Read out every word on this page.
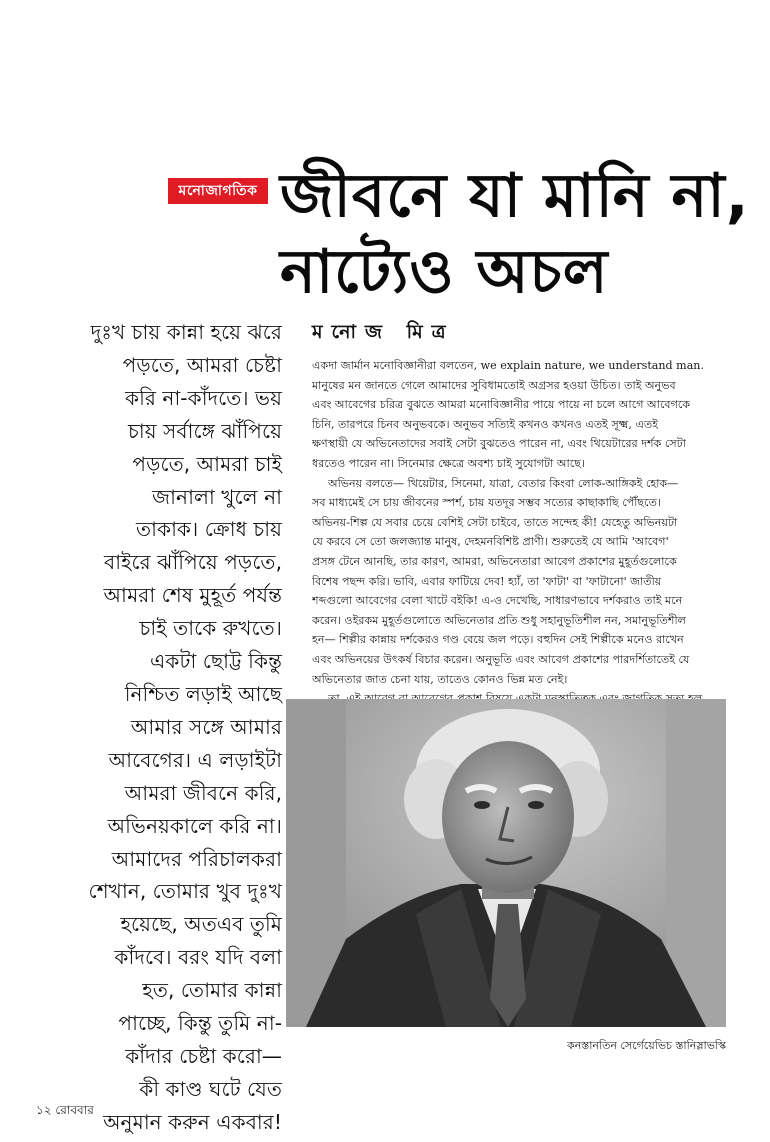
মনোজাগতিক জীবনে যা মানি না,
নাট্যেও অচল
দুঃখ চায় কান্না হয়ে ঝরে
পড়তে, আমরা চেষ্টা
করি না-কাঁদতে। ভয়
চায় সর্বাঙ্গে ঝাঁপিয়ে
পড়তে, আমরা চাই
জানালা খুলে না
তাকাক। ক্রোধ চায়
বাইরে ঝাঁপিয়ে পড়তে,
আমরা শেষ মুহূর্ত পর্যন্ত
চাই তাকে রুখতে।
একটা ছোট্ট কিন্তু
নিশ্চিত লড়াই আছে
আমার সঙ্গে আমার
আবেগের। এ লড়াইটা
আমরা জীবনে করি,
অভিনয়কালে করি না।
আমাদের পরিচালকরা
শেখান, তোমার খুব দুঃখ
হয়েছে, অতএব তুমি
কাঁদবে। বরং যদি বলা
হত, তোমার কান্না
পাচ্ছে, কিন্তু তুমি না-
কাঁদার চেষ্টা করো—
কী কাণ্ড ঘটে যেত
অনুমান করুন একবার!
মনোজ মিত্র
একদা জার্মান মনোবিজ্ঞানীরা বলতেন, we explain nature, we understand man.
মানুষের মন জানতে গেলে আমাদের সুবিধামতোই অগ্রসর হওয়া উচিত। তাই অনুভব
এবং আবেগের চরিত্র বুঝতে আমরা মনোবিজ্ঞানীর পায়ে পায়ে না চলে আগে আবেগকে
চিনি, তারপরে চিনব অনুভবকে। অনুভব সত্যিই কখনও কখনও এতই সূক্ষ্ম, এতই
ক্ষণস্থায়ী যে অভিনেতাদের সবাই সেটা বুঝতেও পারেন না, এবং থিয়েটারের দর্শক সেটা
ধরতেও পারেন না। সিনেমার ক্ষেত্রে অবশ্য চাই সুযোগটা আছে।
অভিনয় বলতে— থিয়েটার, সিনেমা, যাত্রা, বেতার কিংবা লোক-আঙ্গিকই হোক—
সব মাধ্যমেই সে চায় জীবনের স্পর্শ, চায় যতদূর সম্ভব সত্যের কাছাকাছি পৌঁছতে।
অভিনয়-শিল্প যে সবার চেয়ে বেশিই সেটা চাইবে, তাতে সন্দেহ কী! যেহেতু অভিনয়টা
যে করবে সে তো জলজ্যান্ত মানুষ, দেহমনবিশিষ্ট প্রাণী। শুরুতেই যে আমি 'আবেগ'
প্রসঙ্গ টেনে আনছি, তার কারণ, আমরা, অভিনেতারা আবেগ প্রকাশের মুহূর্তগুলোকে
বিশেষ পছন্দ করি। ভাবি, এবার ফাটিয়ে দেব! হ্যাঁ, তা 'ফাটা' বা 'ফাটানো' জাতীয়
শব্দগুলো আবেগের বেলা খাটে বইকি! এ-ও দেখেছি, সাধারণভাবে দর্শকরাও তাই মনে
করেন। ওইরকম মুহূর্তগুলোতে অভিনেতার প্রতি শুধু সহানুভূতিশীল নন, সমানুভূতিশীল
হন— শিল্পীর কান্নায় দর্শকেরও গণ্ড বেয়ে জল পড়ে। বহুদিন সেই শিল্পীকে মনেও রাখেন
এবং অভিনয়ের উৎকর্ষ বিচার করেন। অনুভূতি এবং আবেগ প্রকাশের পারদর্শিতাতেই যে
অভিনেতার জাত চেনা যায়, তাতেও কোনও ভিন্ন মত নেই।
কনস্তানতিন সের্গেয়েভিচ স্তানিস্লাভস্কি
১২ রোববার
